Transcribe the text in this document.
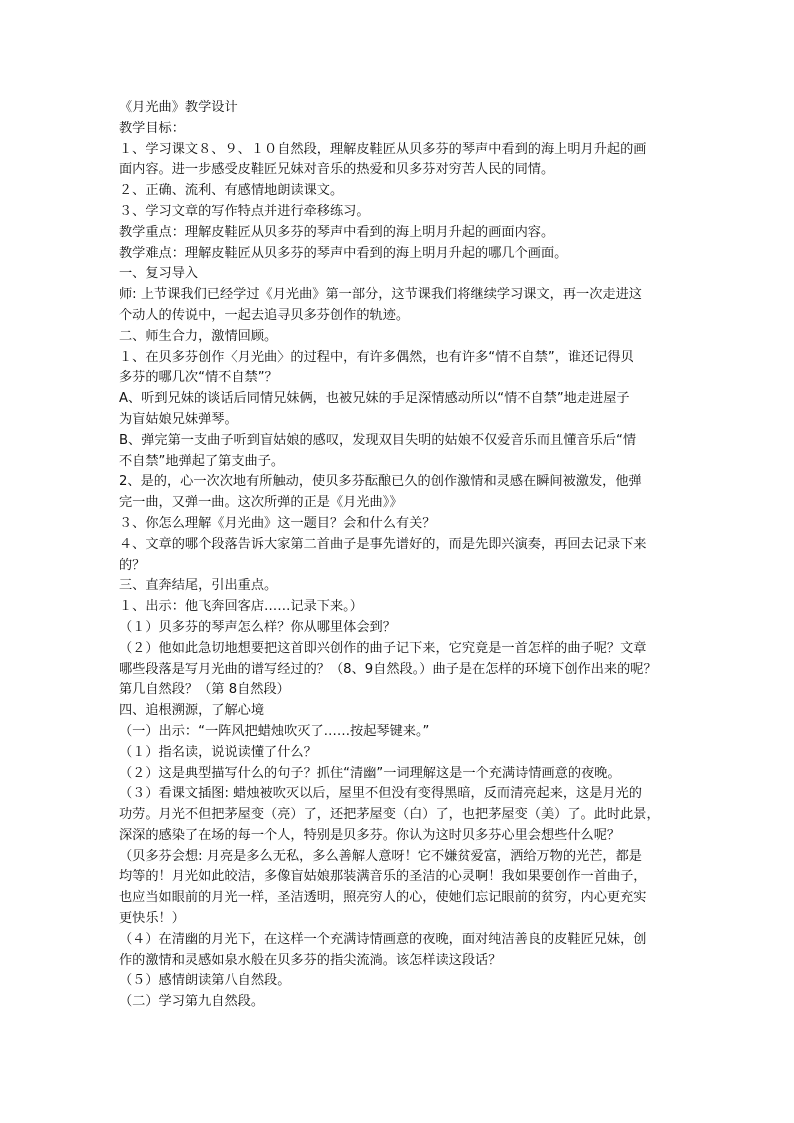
《月光曲》教学设计

教学目标：

１、学习课文８、９、１０自然段，理解皮鞋匠从贝多芬的琴声中看到的海上明月升起的画

面内容。进一步感受皮鞋匠兄妹对音乐的热爱和贝多芬对穷苦人民的同情。

２、正确、流利、有感情地朗读课文。

３、学习文章的写作特点并进行牵移练习。

教学重点：理解皮鞋匠从贝多芬的琴声中看到的海上明月升起的画面内容。

教学难点：理解皮鞋匠从贝多芬的琴声中看到的海上明月升起的哪几个画面。

一、复习导入

师: 上节课我们已经学过《月光曲》第一部分，这节课我们将继续学习课文，再一次走进这

个动人的传说中，一起去追寻贝多芬创作的轨迹。

二、师生合力，激情回顾。

１、在贝多芬创作〈月光曲〉的过程中，有许多偶然，也有许多“情不自禁”，谁还记得贝

多芬的哪几次“情不自禁”？

A、听到兄妹的谈话后同情兄妹俩，也被兄妹的手足深情感动所以“情不自禁”地走进屋子

为盲姑娘兄妹弹琴。

B、弹完第一支曲子听到盲姑娘的感叹，发现双目失明的姑娘不仅爱音乐而且懂音乐后“情

不自禁”地弹起了第支曲子。

2、是的，心一次次地有所触动，使贝多芬酝酿已久的创作激情和灵感在瞬间被激发，他弹

完一曲，又弹一曲。这次所弹的正是《月光曲》》

３、你怎么理解《月光曲》这一题目？会和什么有关？

４、文章的哪个段落告诉大家第二首曲子是事先谱好的，而是先即兴演奏，再回去记录下来

的？

三、直奔结尾，引出重点。

１、出示：他飞奔回客店……记录下来。）

（１）贝多芬的琴声怎么样？你从哪里体会到？

（２）他如此急切地想要把这首即兴创作的曲子记下来，它究竟是一首怎样的曲子呢？文章

哪些段落是写月光曲的谱写经过的？（8、9自然段。）曲子是在怎样的环境下创作出来的呢？

第几自然段？（第 8自然段）

四、追根溯源，了解心境

（一）出示：“一阵风把蜡烛吹灭了……按起琴键来。”

（１）指名读，说说读懂了什么？

（２）这是典型描写什么的句子？抓住“清幽”一词理解这是一个充满诗情画意的夜晚。

（３）看课文插图: 蜡烛被吹灭以后，屋里不但没有变得黑暗，反而清亮起来，这是月光的

功劳。月光不但把茅屋变（亮）了，还把茅屋变（白）了，也把茅屋变（美）了。此时此景，

深深的感染了在场的每一个人，特别是贝多芬。你认为这时贝多芬心里会想些什么呢？

（贝多芬会想: 月亮是多么无私，多么善解人意呀！它不嫌贫爱富，洒给万物的光芒，都是

均等的！月光如此皎洁，多像盲姑娘那装满音乐的圣洁的心灵啊！我如果要创作一首曲子，

也应当如眼前的月光一样，圣洁透明，照亮穷人的心，使她们忘记眼前的贫穷，内心更充实

更快乐！）

（４）在清幽的月光下，在这样一个充满诗情画意的夜晚，面对纯洁善良的皮鞋匠兄妹，创

作的激情和灵感如泉水般在贝多芬的指尖流淌。该怎样读这段话？

（５）感情朗读第八自然段。

（二）学习第九自然段。
